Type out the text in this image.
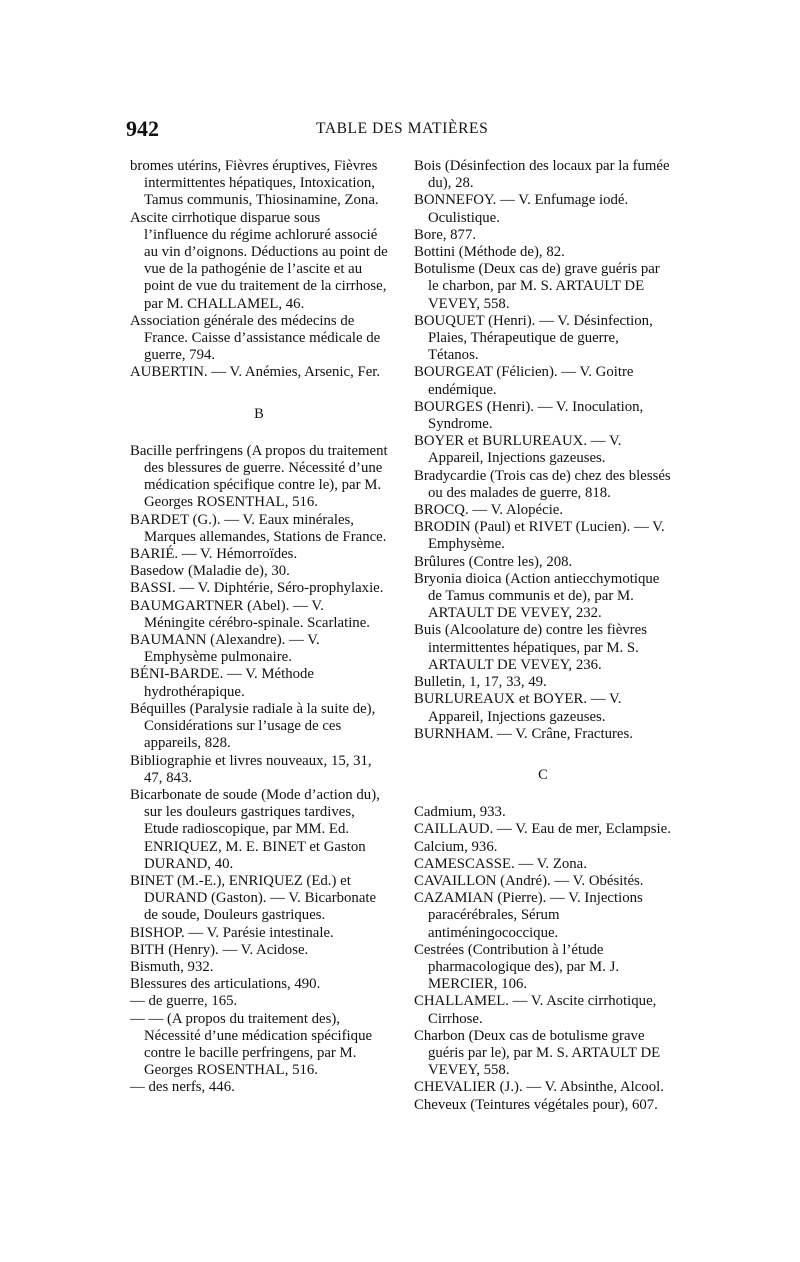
942	TABLE DES MATIÈRES

bromes utérins, Fièvres éruptives, Fièvres intermittentes hépatiques, Intoxication, Tamus communis, Thiosinamine, Zona.

Ascite cirrhotique disparue sous l’influence du régime achloruré associé au vin d’oignons. Déductions au point de vue de la pathogénie de l’ascite et au point de vue du traitement de la cirrhose, par M. CHALLAMEL, 46.

Association générale des médecins de France. Caisse d’assistance médicale de guerre, 794.

AUBERTIN. — V. Anémies, Arsenic, Fer.

B

Bacille perfringens (A propos du traitement des blessures de guerre. Nécessité d’une médication spécifique contre le), par M. Georges ROSENTHAL, 516.

BARDET (G.). — V. Eaux minérales, Marques allemandes, Stations de France.

BARIÉ. — V. Hémorroïdes.

Basedow (Maladie de), 30.

BASSI. — V. Diphtérie, Séro-prophylaxie.

BAUMGARTNER (Abel). — V. Méningite cérébro-spinale. Scarlatine.

BAUMANN (Alexandre). — V. Emphysème pulmonaire.

BÉNI-BARDE. — V. Méthode hydrothérapique.

Béquilles (Paralysie radiale à la suite de), Considérations sur l’usage de ces appareils, 828.

Bibliographie et livres nouveaux, 15, 31, 47, 843.

Bicarbonate de soude (Mode d’action du), sur les douleurs gastriques tardives, Etude radioscopique, par MM. Ed. ENRIQUEZ, M. E. BINET et Gaston DURAND, 40.

BINET (M.-E.), ENRIQUEZ (Ed.) et DURAND (Gaston). — V. Bicarbonate de soude, Douleurs gastriques.

BISHOP. — V. Parésie intestinale.

BITH (Henry). — V. Acidose.

Bismuth, 932.

Blessures des articulations, 490.

— de guerre, 165.

— — (A propos du traitement des), Nécessité d’une médication spécifique contre le bacille perfringens, par M. Georges ROSENTHAL, 516.

— des nerfs, 446.

Bois (Désinfection des locaux par la fumée du), 28.

BONNEFOY. — V. Enfumage iodé. Oculistique.

Bore, 877.

Bottini (Méthode de), 82.

Botulisme (Deux cas de) grave guéris par le charbon, par M. S. ARTAULT DE VEVEY, 558.

BOUQUET (Henri). — V. Désinfection, Plaies, Thérapeutique de guerre, Tétanos.

BOURGEAT (Félicien). — V. Goitre endémique.

BOURGES (Henri). — V. Inoculation, Syndrome.

BOYER et BURLUREAUX. — V. Appareil, Injections gazeuses.

Bradycardie (Trois cas de) chez des blessés ou des malades de guerre, 818.

BROCQ. — V. Alopécie.

BRODIN (Paul) et RIVET (Lucien). — V. Emphysème.

Brûlures (Contre les), 208.

Bryonia dioica (Action antiecchymotique de Tamus communis et de), par M. ARTAULT DE VEVEY, 232.

Buis (Alcoolature de) contre les fièvres intermittentes hépatiques, par M. S. ARTAULT DE VEVEY, 236.

Bulletin, 1, 17, 33, 49.

BURLUREAUX et BOYER. — V. Appareil, Injections gazeuses.

BURNHAM. — V. Crâne, Fractures.

C

Cadmium, 933.

CAILLAUD. — V. Eau de mer, Eclampsie.

Calcium, 936.

CAMESCASSE. — V. Zona.

CAVAILLON (André). — V. Obésités.

CAZAMIAN (Pierre). — V. Injections paracérébrales, Sérum antiméningococcique.

Cestrées (Contribution à l’étude pharmacologique des), par M. J. MERCIER, 106.

CHALLAMEL. — V. Ascite cirrhotique, Cirrhose.

Charbon (Deux cas de botulisme grave guéris par le), par M. S. ARTAULT DE VEVEY, 558.

CHEVALIER (J.). — V. Absinthe, Alcool.

Cheveux (Teintures végétales pour), 607.
